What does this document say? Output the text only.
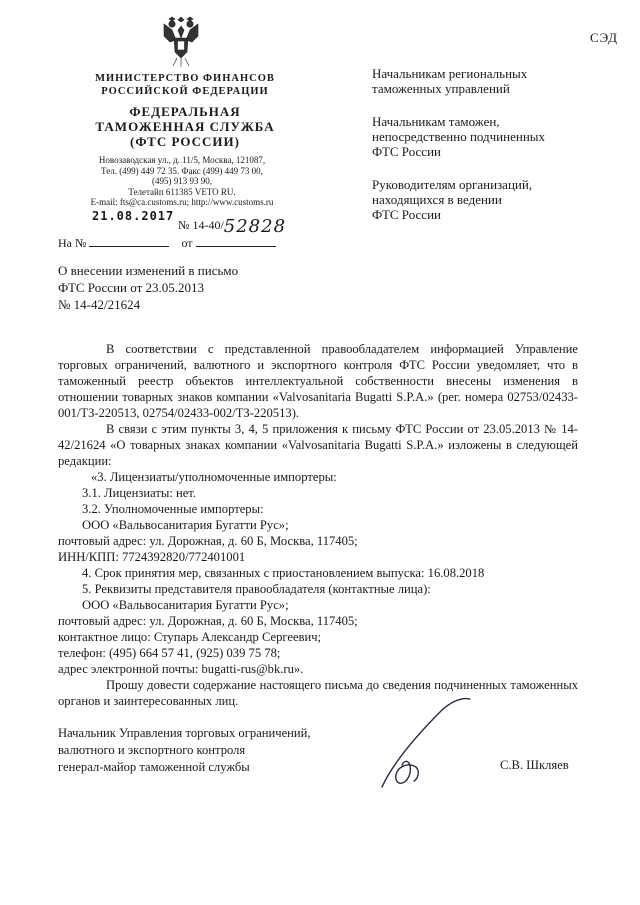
СЭД
МИНИСТЕРСТВО ФИНАНСОВ
РОССИЙСКОЙ ФЕДЕРАЦИИ
ФЕДЕРАЛЬНАЯ
ТАМОЖЕННАЯ СЛУЖБА
(ФТС РОССИИ)
Новозаводская ул., д. 11/5, Москва, 121087,
Тел. (499) 449 72 35. Факс (499) 449 73 00,
(495) 913 93 90,
Телетайп 611385 VETO RU.
E-mail: fts@ca.customs.ru; http://www.customs.ru
21.08.2017
№ 14-40/52828
На №	от
О внесении изменений в письмо
ФТС России от 23.05.2013
№ 14-42/21624
Начальникам региональных
таможенных управлений
Начальникам таможен,
непосредственно подчиненных
ФТС России
Руководителям организаций,
находящихся в ведении
ФТС России

В соответствии с представленной правообладателем информацией Управление торговых ограничений, валютного и экспортного контроля ФТС России уведомляет, что в таможенный реестр объектов интеллектуальной собственности внесены изменения в отношении товарных знаков компании «Valvosanitaria Bugatti S.P.A.» (рег. номера 02753/02433-001/ТЗ-220513, 02754/02433-002/ТЗ-220513).

В связи с этим пункты 3, 4, 5 приложения к письму ФТС России от 23.05.2013 № 14-42/21624 «О товарных знаках компании «Valvosanitaria Bugatti S.P.A.» изложены в следующей редакции:

«3. Лицензиаты/уполномоченные импортеры:

3.1. Лицензиаты: нет.

3.2. Уполномоченные импортеры:

ООО «Вальвосанитария Бугатти Рус»;

почтовый адрес: ул. Дорожная, д. 60 Б, Москва, 117405;

ИНН/КПП: 7724392820/772401001

4. Срок принятия мер, связанных с приостановлением выпуска: 16.08.2018

5. Реквизиты представителя правообладателя (контактные лица):

ООО «Вальвосанитария Бугатти Рус»;

почтовый адрес: ул. Дорожная, д. 60 Б, Москва, 117405;

контактное лицо: Ступарь Александр Сергеевич;

телефон: (495) 664 57 41, (925) 039 75 78;

адрес электронной почты: bugatti-rus@bk.ru».

Прошу довести содержание настоящего письма до сведения подчиненных таможенных органов и заинтересованных лиц.

Начальник Управления торговых ограничений,
валютного и экспортного контроля
генерал-майор таможенной службы	С.В. Шкляев
